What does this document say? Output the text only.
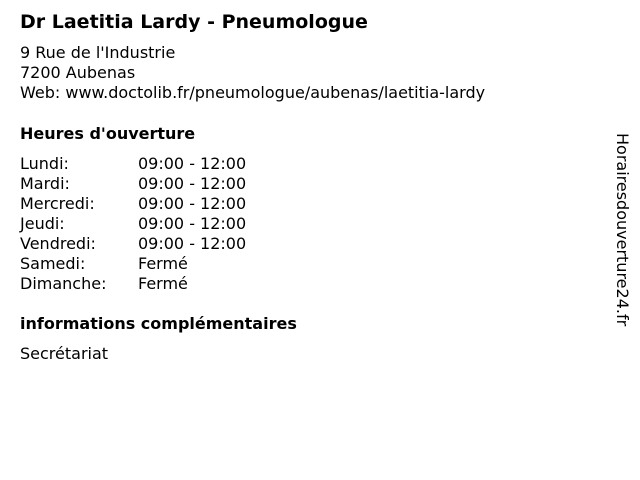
Dr Laetitia Lardy - Pneumologue
9 Rue de l'Industrie
7200 Aubenas
Web: www.doctolib.fr/pneumologue/aubenas/laetitia-lardy
Heures d'ouverture
Lundi:	09:00 - 12:00
Mardi:	09:00 - 12:00
Mercredi:	09:00 - 12:00
Jeudi:	09:00 - 12:00
Vendredi:	09:00 - 12:00
Samedi:	Fermé
Dimanche: Fermé
informations complémentaires
Secrétariat
Horairesdouverture24.fr
